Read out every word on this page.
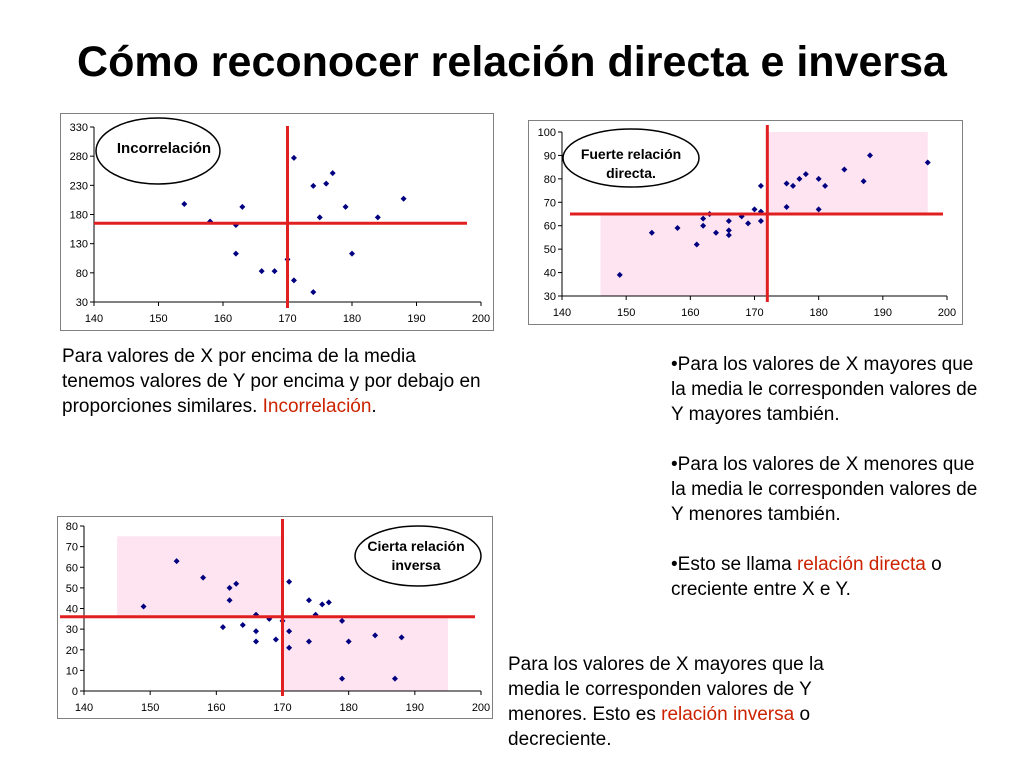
Cómo reconocer relación directa e inversa
30
80
130
180
230
280
330
140	150	160	170	180	190	200
Incorrelación
30
40
50
60
70
80
90
100
140	150	160	170	180	190	200
Fuerte relación directa.
0
10
20
30
40
50
60
70
80
140	150	160	170	180	190	200
Cierta relación inversa

Para valores de X por encima de la media tenemos valores de Y por encima y por debajo en proporciones similares. Incorrelación.

•Para los valores de X mayores que la media le corresponden valores de Y mayores también.

•Para los valores de X menores que la media le corresponden valores de Y menores también.

•Esto se llama relación directa o creciente entre X e Y.

Para los valores de X mayores que la media le corresponden valores de Y menores. Esto es relación inversa o decreciente.
